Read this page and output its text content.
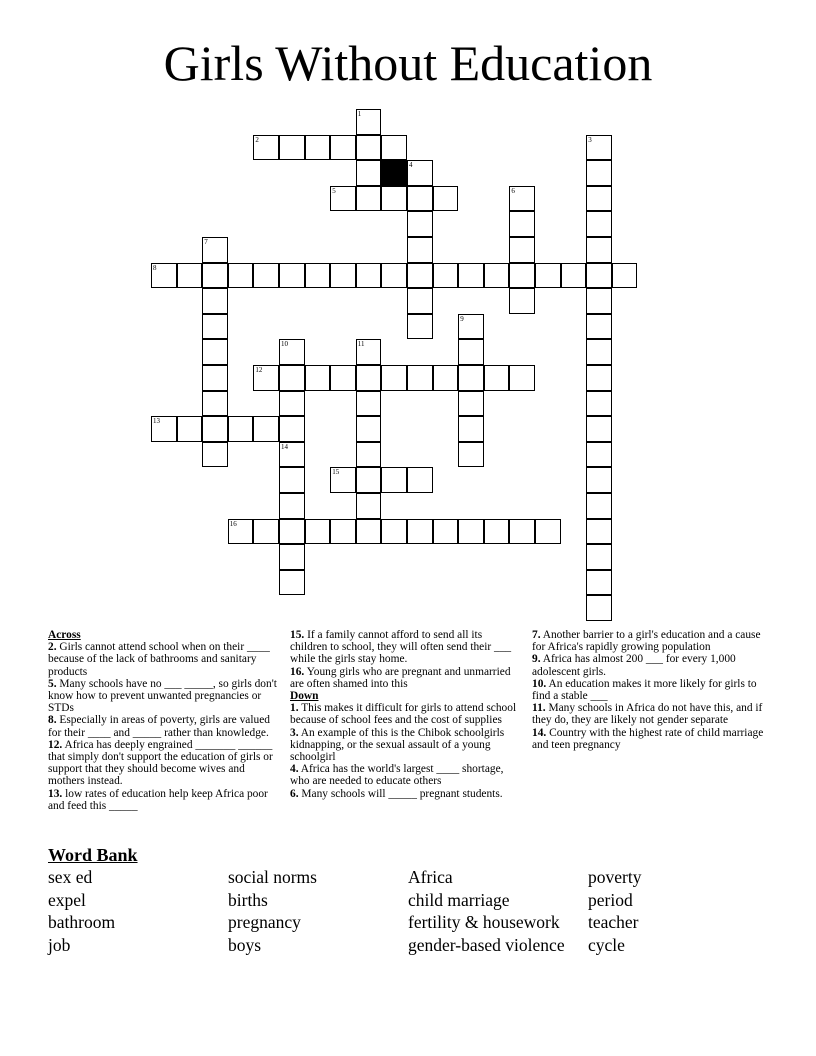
Girls Without Education
1
2	3
4
5	6
7
8
9
10	11
12
13
14
15
16

Across

2. Girls cannot attend school when on their ____ because of the lack of bathrooms and sanitary products

5. Many schools have no ___ _____, so girls don't know how to prevent unwanted pregnancies or STDs

8. Especially in areas of poverty, girls are valued for their ____ and _____ rather than knowledge.

12. Africa has deeply engrained _______ ______ that simply don't support the education of girls or support that they should become wives and mothers instead.

13. low rates of education help keep Africa poor and feed this _____

15. If a family cannot afford to send all its children to school, they will often send their ___ while the girls stay home.

16. Young girls who are pregnant and unmarried are often shamed into this

Down

1. This makes it difficult for girls to attend school because of school fees and the cost of supplies

3. An example of this is the Chibok schoolgirls kidnapping, or the sexual assault of a young schoolgirl

4. Africa has the world's largest ____ shortage, who are needed to educate others

6. Many schools will _____ pregnant students.

7. Another barrier to a girl's education and a cause for Africa's rapidly growing population

9. Africa has almost 200 ___ for every 1,000 adolescent girls.

10. An education makes it more likely for girls to find a stable ___

11. Many schools in Africa do not have this, and if they do, they are likely not gender separate

14. Country with the highest rate of child marriage and teen pregnancy

Word Bank
sex ed	social norms	Africa	poverty
expel	births	child marriage	period
bathroom	pregnancy	fertility & housework	teacher
job	boys	gender-based violence	cycle
